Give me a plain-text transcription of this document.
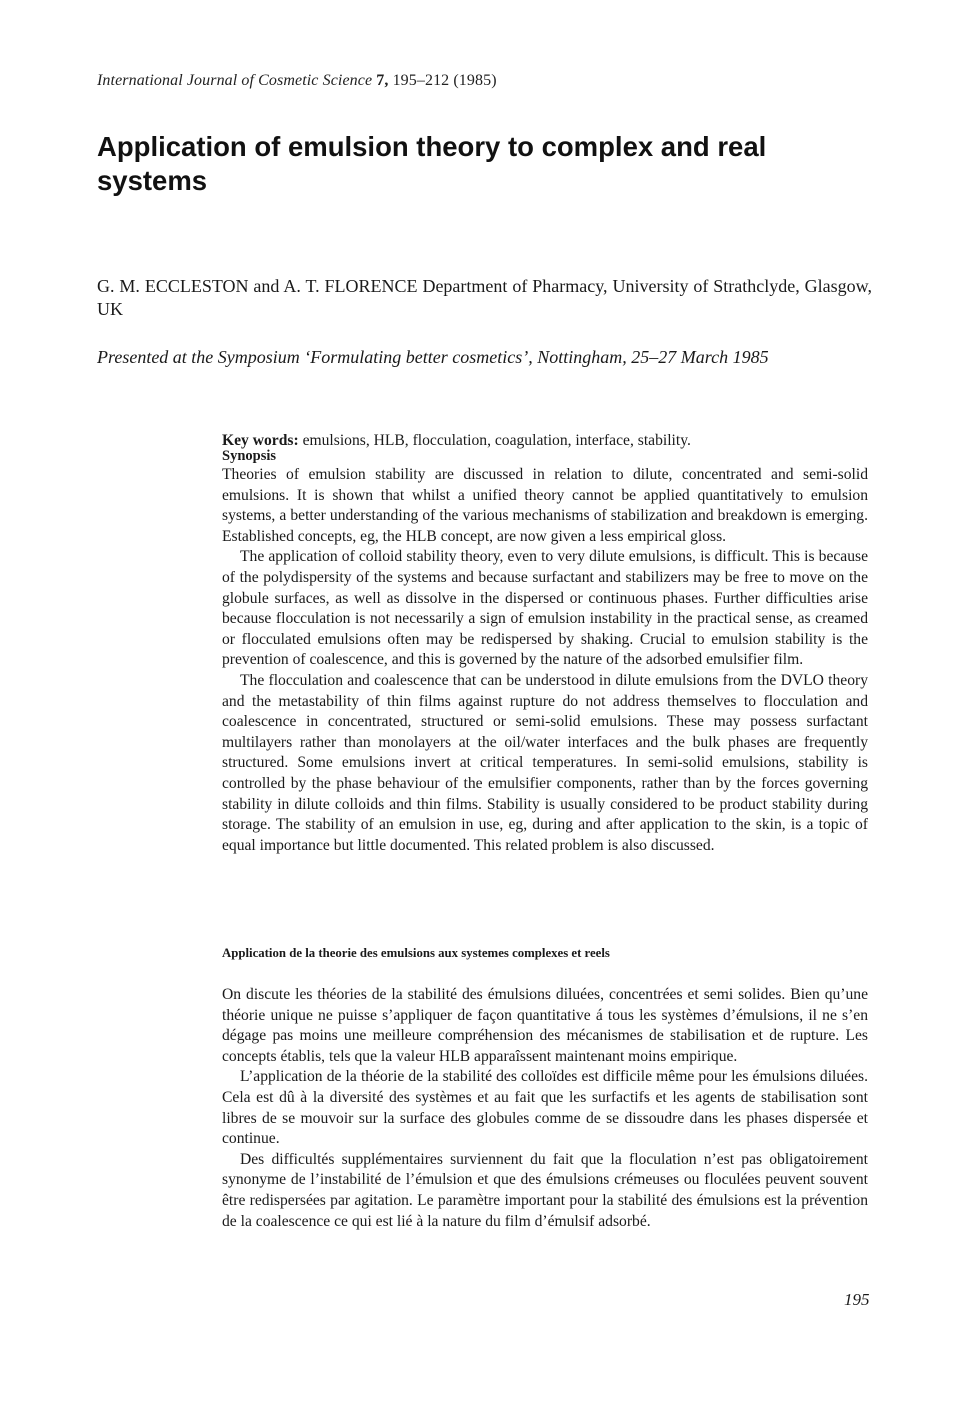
International Journal of Cosmetic Science 7, 195–212 (1985)
Application of emulsion theory to complex and real systems

G. M. ECCLESTON and A. T. FLORENCE Department of Pharmacy, University of Strathclyde, Glasgow, UK

Presented at the Symposium ‘Formulating better cosmetics’, Nottingham, 25–27 March 1985

Key words: emulsions, HLB, flocculation, coagulation, interface, stability.

Synopsis

Theories of emulsion stability are discussed in relation to dilute, concentrated and semi-solid emulsions. It is shown that whilst a unified theory cannot be applied quantitatively to emulsion systems, a better understanding of the various mechanisms of stabilization and breakdown is emerging. Established concepts, eg, the HLB concept, are now given a less empirical gloss.

The application of colloid stability theory, even to very dilute emulsions, is difficult. This is because of the polydispersity of the systems and because surfactant and stabilizers may be free to move on the globule surfaces, as well as dissolve in the dispersed or continuous phases. Further difficulties arise because flocculation is not necessarily a sign of emulsion instability in the practical sense, as creamed or flocculated emulsions often may be redispersed by shaking. Crucial to emulsion stability is the prevention of coalescence, and this is governed by the nature of the adsorbed emulsifier film.

The flocculation and coalescence that can be understood in dilute emulsions from the DVLO theory and the metastability of thin films against rupture do not address themselves to flocculation and coalescence in concentrated, structured or semi-solid emulsions. These may possess surfactant multilayers rather than monolayers at the oil/water interfaces and the bulk phases are frequently structured. Some emulsions invert at critical temperatures. In semi-solid emulsions, stability is controlled by the phase behaviour of the emulsifier components, rather than by the forces governing stability in dilute colloids and thin films. Stability is usually considered to be product stability during storage. The stability of an emulsion in use, eg, during and after application to the skin, is a topic of equal importance but little documented. This related problem is also discussed.

Application de la theorie des emulsions aux systemes complexes et reels

On discute les théories de la stabilité des émulsions diluées, concentrées et semi solides. Bien qu’une théorie unique ne puisse s’appliquer de façon quantitative á tous les systèmes d’émulsions, il ne s’en dégage pas moins une meilleure compréhension des mécanismes de stabilisation et de rupture. Les concepts établis, tels que la valeur HLB apparaîssent maintenant moins empirique.

L’application de la théorie de la stabilité des colloïdes est difficile même pour les émulsions diluées. Cela est dû à la diversité des systèmes et au fait que les surfactifs et les agents de stabilisation sont libres de se mouvoir sur la surface des globules comme de se dissoudre dans les phases dispersée et continue.

Des difficultés supplémentaires surviennent du fait que la floculation n’est pas obligatoirement synonyme de l’instabilité de l’émulsion et que des émulsions crémeuses ou floculées peuvent souvent être redispersées par agitation. Le paramètre important pour la stabilité des émulsions est la prévention de la coalescence ce qui est lié à la nature du film d’émulsif adsorbé.

195
